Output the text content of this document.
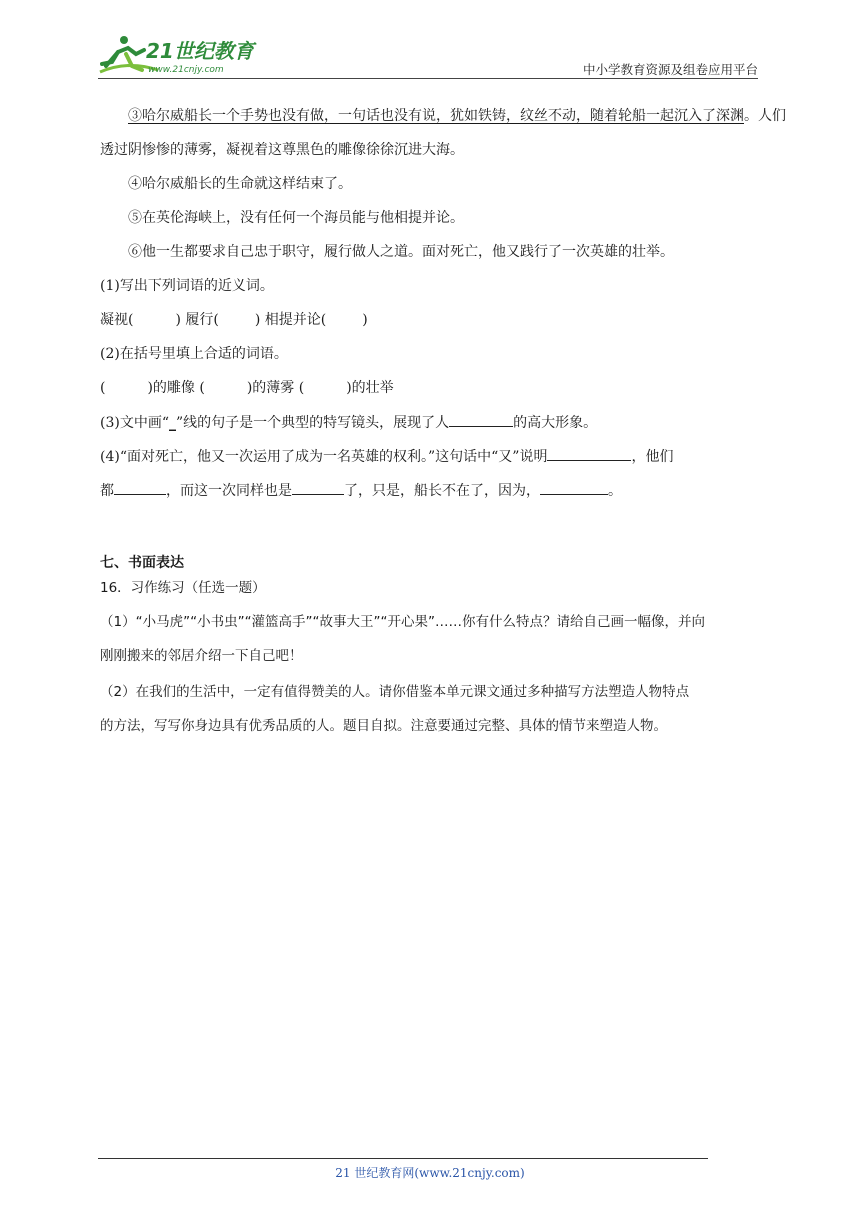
21世纪教育
www.21cnjy.com	中小学教育资源及组卷应用平台
③哈尔威船长一个手势也没有做，一句话也没有说，犹如铁铸，纹丝不动，随着轮船一起沉入了深渊。人们
透过阴惨惨的薄雾，凝视着这尊黑色的雕像徐徐沉进大海。
④哈尔威船长的生命就这样结束了。
⑤在英伦海峡上，没有任何一个海员能与他相提并论。
⑥他一生都要求自己忠于职守，履行做人之道。面对死亡，他又践行了一次英雄的壮举。
(1)写出下列词语的近义词。
凝视(	) 履行(	) 相提并论(	)
(2)在括号里填上合适的词语。
(	)的雕像 (	)的薄雾 (	)的壮举
(3)文中画“_”线的句子是一个典型的特写镜头，展现了人	的高大形象。
(4)“面对死亡，他又一次运用了成为一名英雄的权利。”这句话中“又”说明	，他们
都	，而这一次同样也是	了，只是，船长不在了，因为，	。
七、书面表达
16．习作练习（任选一题）
（1）“小马虎”“小书虫”“灌篮高手”“故事大王”“开心果”……你有什么特点？请给自己画一幅像，并向
刚刚搬来的邻居介绍一下自己吧！
（2）在我们的生活中，一定有值得赞美的人。请你借鉴本单元课文通过多种描写方法塑造人物特点
的方法，写写你身边具有优秀品质的人。题目自拟。注意要通过完整、具体的情节来塑造人物。
21 世纪教育网(www.21cnjy.com)
